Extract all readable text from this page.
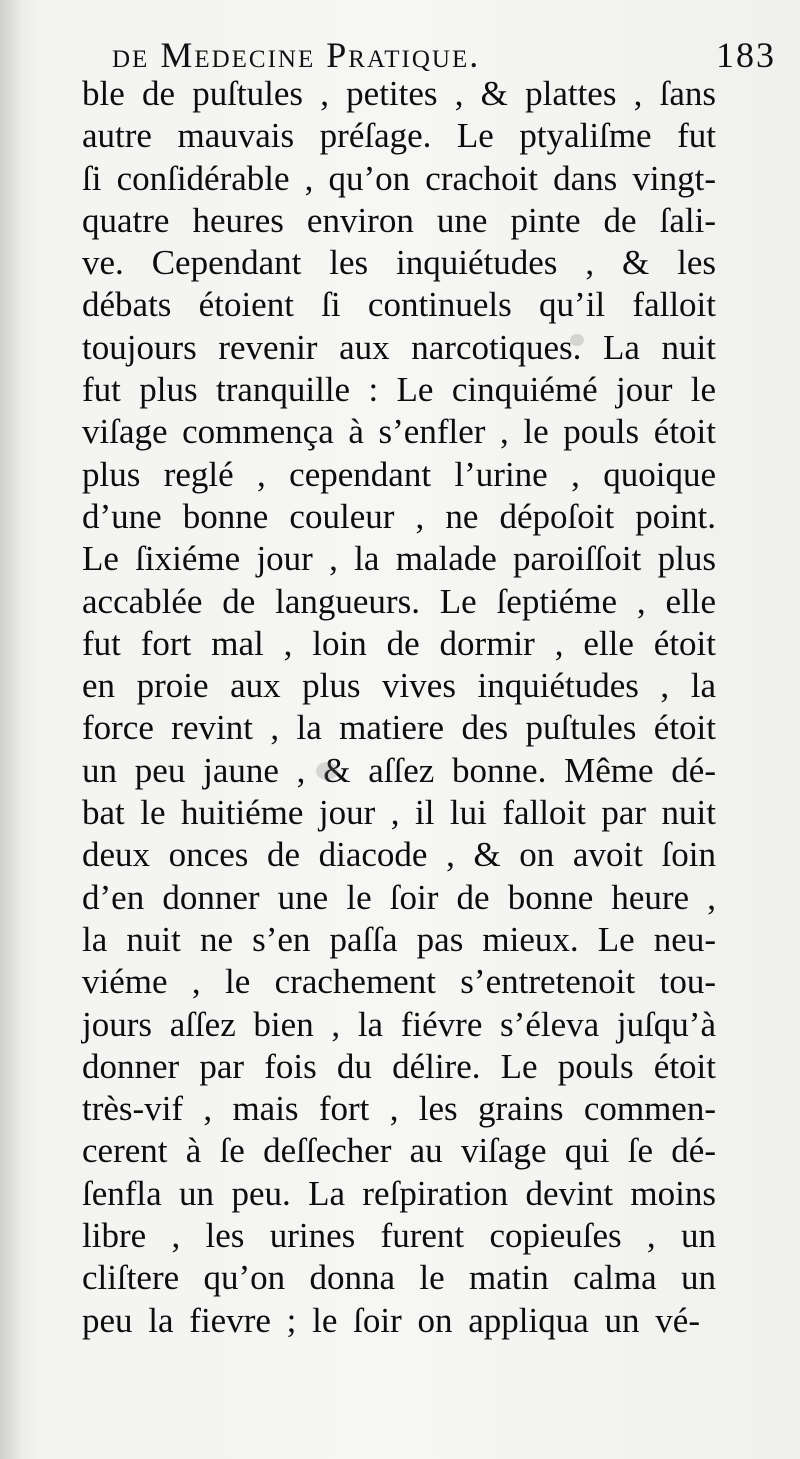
de Medecine Pratique.	183
ble de puſtules , petites , & plattes , ſans
autre mauvais préſage. Le ptyaliſme fut
ſi conſidérable , qu’on crachoit dans vingt-
quatre heures environ une pinte de ſali-
ve. Cependant les inquiétudes , & les
débats étoient ſi continuels qu’il falloit
toujours revenir aux narcotiques. La nuit
fut plus tranquille : Le cinquiémé jour le
viſage commença à s’enfler , le pouls étoit
plus reglé , cependant l’urine , quoique
d’une bonne couleur , ne dépoſoit point.
Le ſixiéme jour , la malade paroiſſoit plus
accablée de langueurs. Le ſeptiéme , elle
fut fort mal , loin de dormir , elle étoit
en proie aux plus vives inquiétudes , la
force revint , la matiere des puſtules étoit
un peu jaune , & aſſez bonne. Même dé-
bat le huitiéme jour , il lui falloit par nuit
deux onces de diacode , & on avoit ſoin
d’en donner une le ſoir de bonne heure ,
la nuit ne s’en paſſa pas mieux. Le neu-
viéme , le crachement s’entretenoit tou-
jours aſſez bien , la fiévre s’éleva juſqu’à
donner par fois du délire. Le pouls étoit
très-vif , mais fort , les grains commen-
cerent à ſe deſſecher au viſage qui ſe dé-
ſenfla un peu. La reſpiration devint moins
libre , les urines furent copieuſes , un
cliſtere qu’on donna le matin calma un
peu la fievre ; le ſoir on appliqua un vé-
